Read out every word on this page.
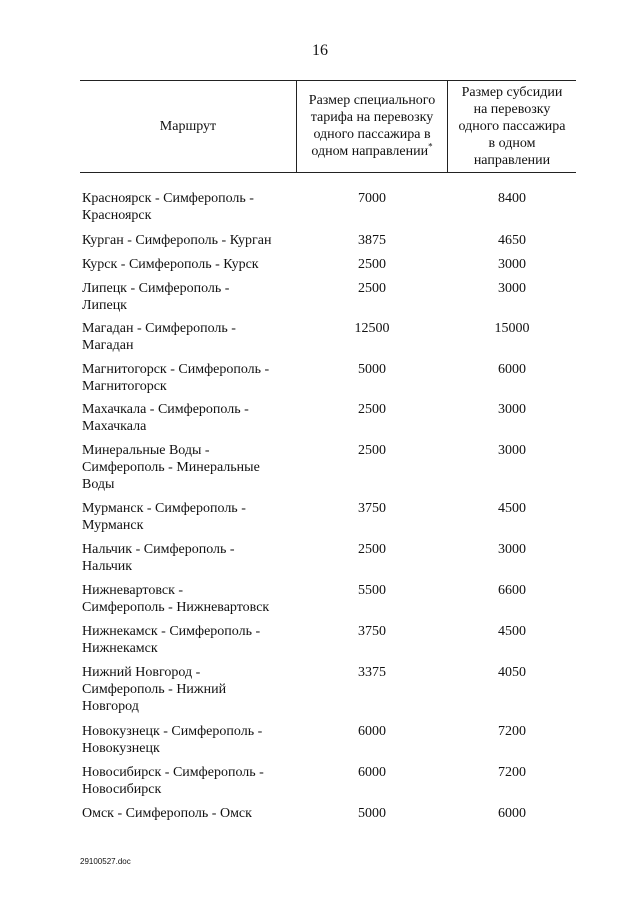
16
Маршрут
Размер специального
тарифа на перевозку
одного пассажира в
одном направлении*
Размер субсидии
на перевозку
одного пассажира
в одном
направлении
Красноярск - Симферополь -
Красноярск
7000	8400
Курган - Симферополь - Курган	3875	4650
Курск - Симферополь - Курск	2500	3000
Липецк - Симферополь -
Липецк
2500	3000
Магадан - Симферополь -
Магадан
12500	15000
Магнитогорск - Симферополь -
Магнитогорск
5000	6000
Махачкала - Симферополь -
Махачкала
2500	3000
Минеральные Воды -
Симферополь - Минеральные
Воды
2500	3000
Мурманск - Симферополь -
Мурманск
3750	4500
Нальчик - Симферополь -
Нальчик
2500	3000
Нижневартовск -
Симферополь - Нижневартовск
5500	6600
Нижнекамск - Симферополь -
Нижнекамск
3750	4500
Нижний Новгород -
Симферополь - Нижний
Новгород
3375	4050
Новокузнецк - Симферополь -
Новокузнецк
6000	7200
Новосибирск - Симферополь -
Новосибирск
6000	7200
Омск - Симферополь - Омск	5000	6000
29100527.doc
